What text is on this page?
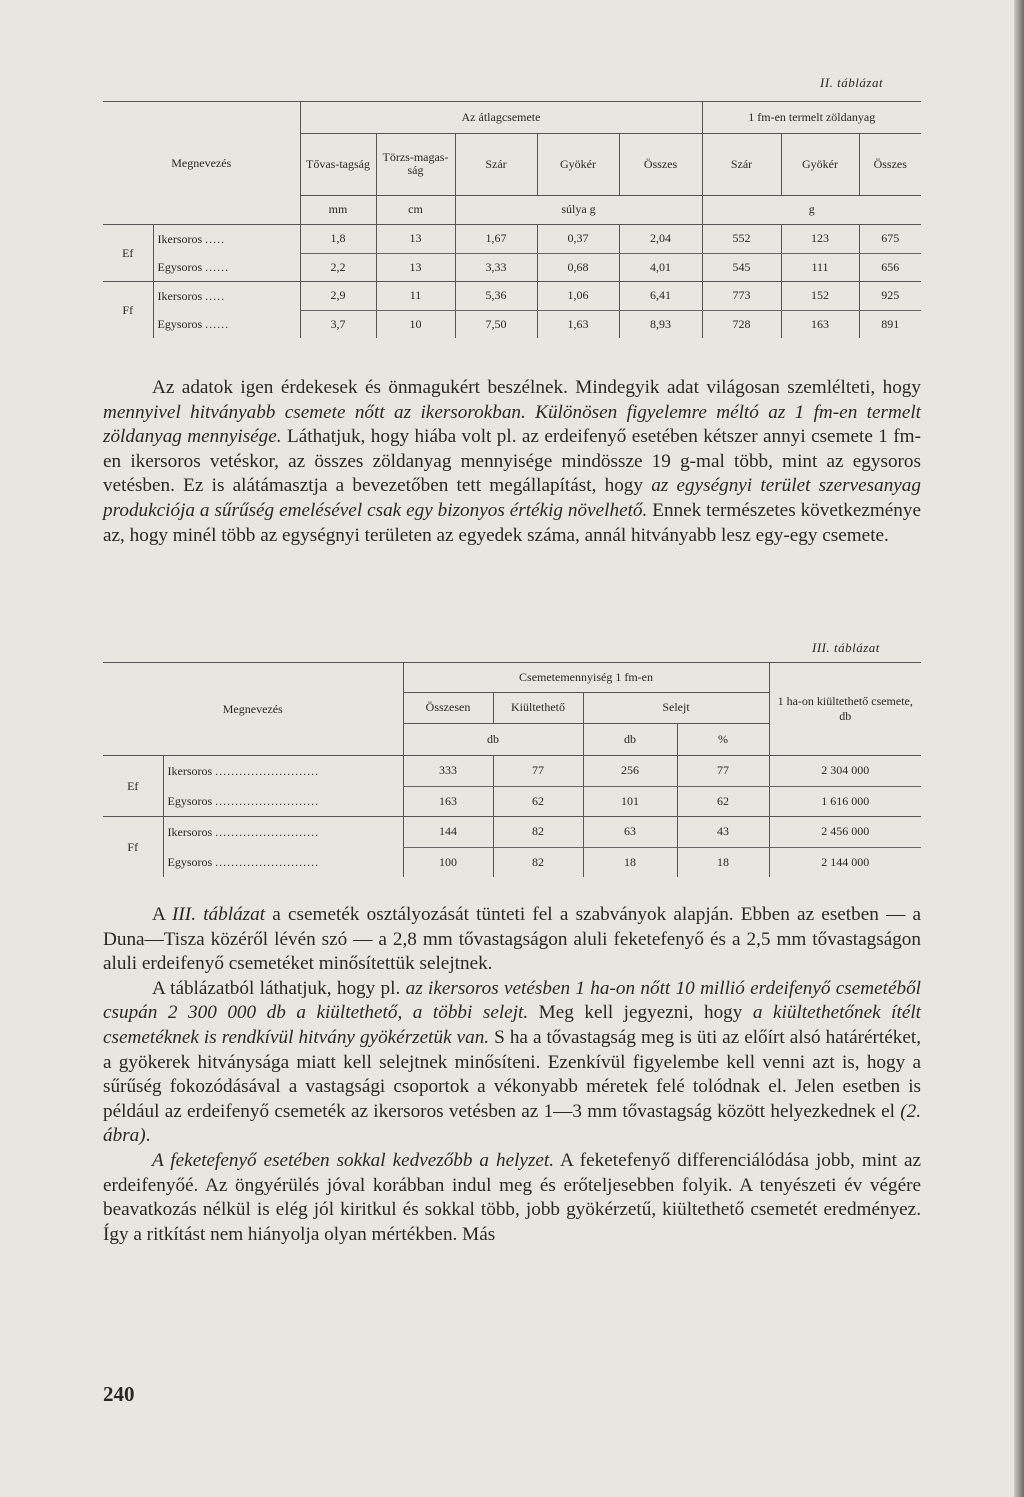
II. táblázat
Megnevezés		Az átlagcsemete					1 fm-en termelt zöldanyag		
		Tővas-tagság	Törzs-magas-ság	Szár	Gyökér	Összes	Szár	Gyökér	Összes
		mm	cm	súlya g			g		
Ef	Ikersoros .....	1,8	13	1,67	0,37	2,04	552	123	675
	Egysoros ......	2,2	13	3,33	0,68	4,01	545	111	656
Ff	Ikersoros .....	2,9	11	5,36	1,06	6,41	773	152	925
	Egysoros ......	3,7	10	7,50	1,63	8,93	728	163	891

Az adatok igen érdekesek és önmagukért beszélnek. Mindegyik adat világosan szemlélteti, hogy mennyivel hitványabb csemete nőtt az ikersorokban. Különösen figyelemre méltó az 1 fm-en termelt zöldanyag mennyisége. Láthatjuk, hogy hiába volt pl. az erdeifenyő esetében kétszer annyi csemete 1 fm-en ikersoros vetéskor, az összes zöldanyag mennyisége mindössze 19 g-mal több, mint az egysoros vetésben. Ez is alátámasztja a bevezetőben tett megállapítást, hogy az egységnyi terület szervesanyag produkciója a sűrűség emelésével csak egy bizonyos értékig növelhető. Ennek természetes következménye az, hogy minél több az egységnyi területen az egyedek száma, annál hitványabb lesz egy-egy csemete.

III. táblázat
Megnevezés		Csemetemennyiség 1 fm-en				1 ha-on kiültethető csemete, db
		Összesen	Kiültethető	Selejt		
		db		db	%	
Ef	Ikersoros ..........................	333	77	256	77	2 304 000
	Egysoros ..........................	163	62	101	62	1 616 000
Ff	Ikersoros ..........................	144	82	63	43	2 456 000
	Egysoros ..........................	100	82	18	18	2 144 000

A III. táblázat a csemeték osztályozását tünteti fel a szabványok alapján. Ebben az esetben — a Duna—Tisza közéről lévén szó — a 2,8 mm tővastagságon aluli feketefenyő és a 2,5 mm tővastagságon aluli erdeifenyő csemetéket minősítettük selejtnek.

A táblázatból láthatjuk, hogy pl. az ikersoros vetésben 1 ha-on nőtt 10 millió erdeifenyő csemetéből csupán 2 300 000 db a kiültethető, a többi selejt. Meg kell jegyezni, hogy a kiültethetőnek ítélt csemetéknek is rendkívül hitvány gyökérzetük van. S ha a tővastagság meg is üti az előírt alsó határértéket, a gyökerek hitványsága miatt kell selejtnek minősíteni. Ezenkívül figyelembe kell venni azt is, hogy a sűrűség fokozódásával a vastagsági csoportok a vékonyabb méretek felé tolódnak el. Jelen esetben is például az erdeifenyő csemeték az ikersoros vetésben az 1—3 mm tővastagság között helyezkednek el (2. ábra).

A feketefenyő esetében sokkal kedvezőbb a helyzet. A feketefenyő differenciálódása jobb, mint az erdeifenyőé. Az öngyérülés jóval korábban indul meg és erőteljesebben folyik. A tenyészeti év végére beavatkozás nélkül is elég jól kiritkul és sokkal több, jobb gyökérzetű, kiültethető csemetét eredményez. Így a ritkítást nem hiányolja olyan mértékben. Más

240
